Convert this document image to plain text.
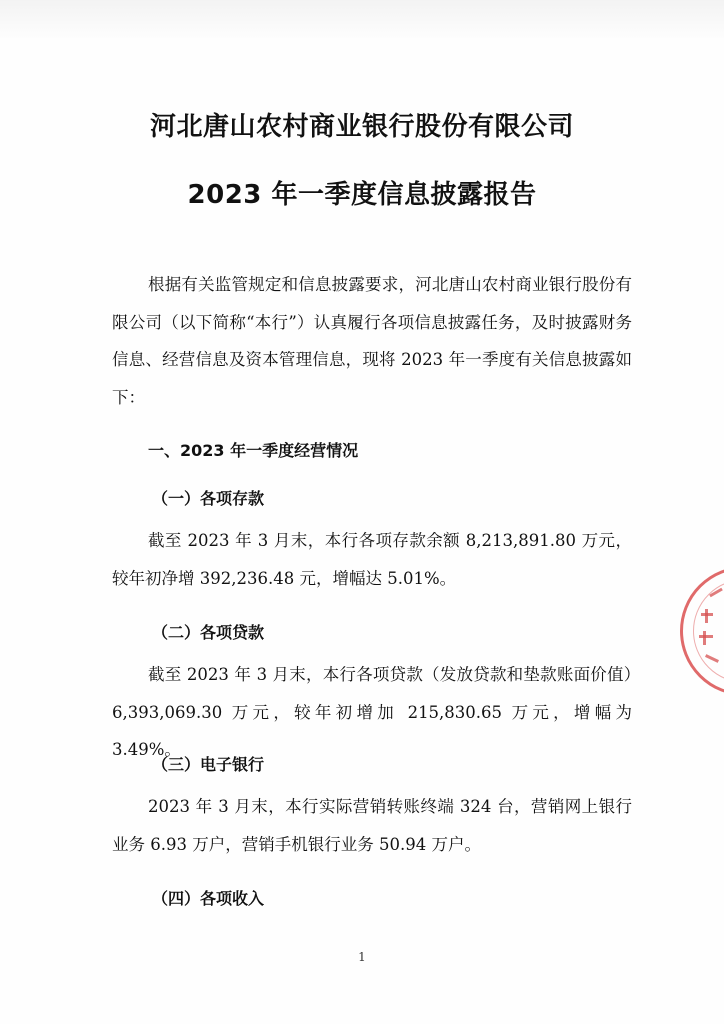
河北唐山农村商业银行股份有限公司
2023 年一季度信息披露报告
根据有关监管规定和信息披露要求，河北唐山农村商业银行股份有限公司（以下简称“本行”）认真履行各项信息披露任务，及时披露财务信息、经营信息及资本管理信息，现将 2023 年一季度有关信息披露如下：
一、2023 年一季度经营情况
（一）各项存款
截至 2023 年 3 月末，本行各项存款余额 8,213,891.80 万元，较年初净增 392,236.48 元，增幅达 5.01%。
（二）各项贷款
截至 2023 年 3 月末，本行各项贷款（发放贷款和垫款账面价值）6,393,069.30 万元，较年初增加 215,830.65 万元，增幅为 3.49%。
（三）电子银行
2023 年 3 月末，本行实际营销转账终端 324 台，营销网上银行业务 6.93 万户，营销手机银行业务 50.94 万户。
（四）各项收入
1
